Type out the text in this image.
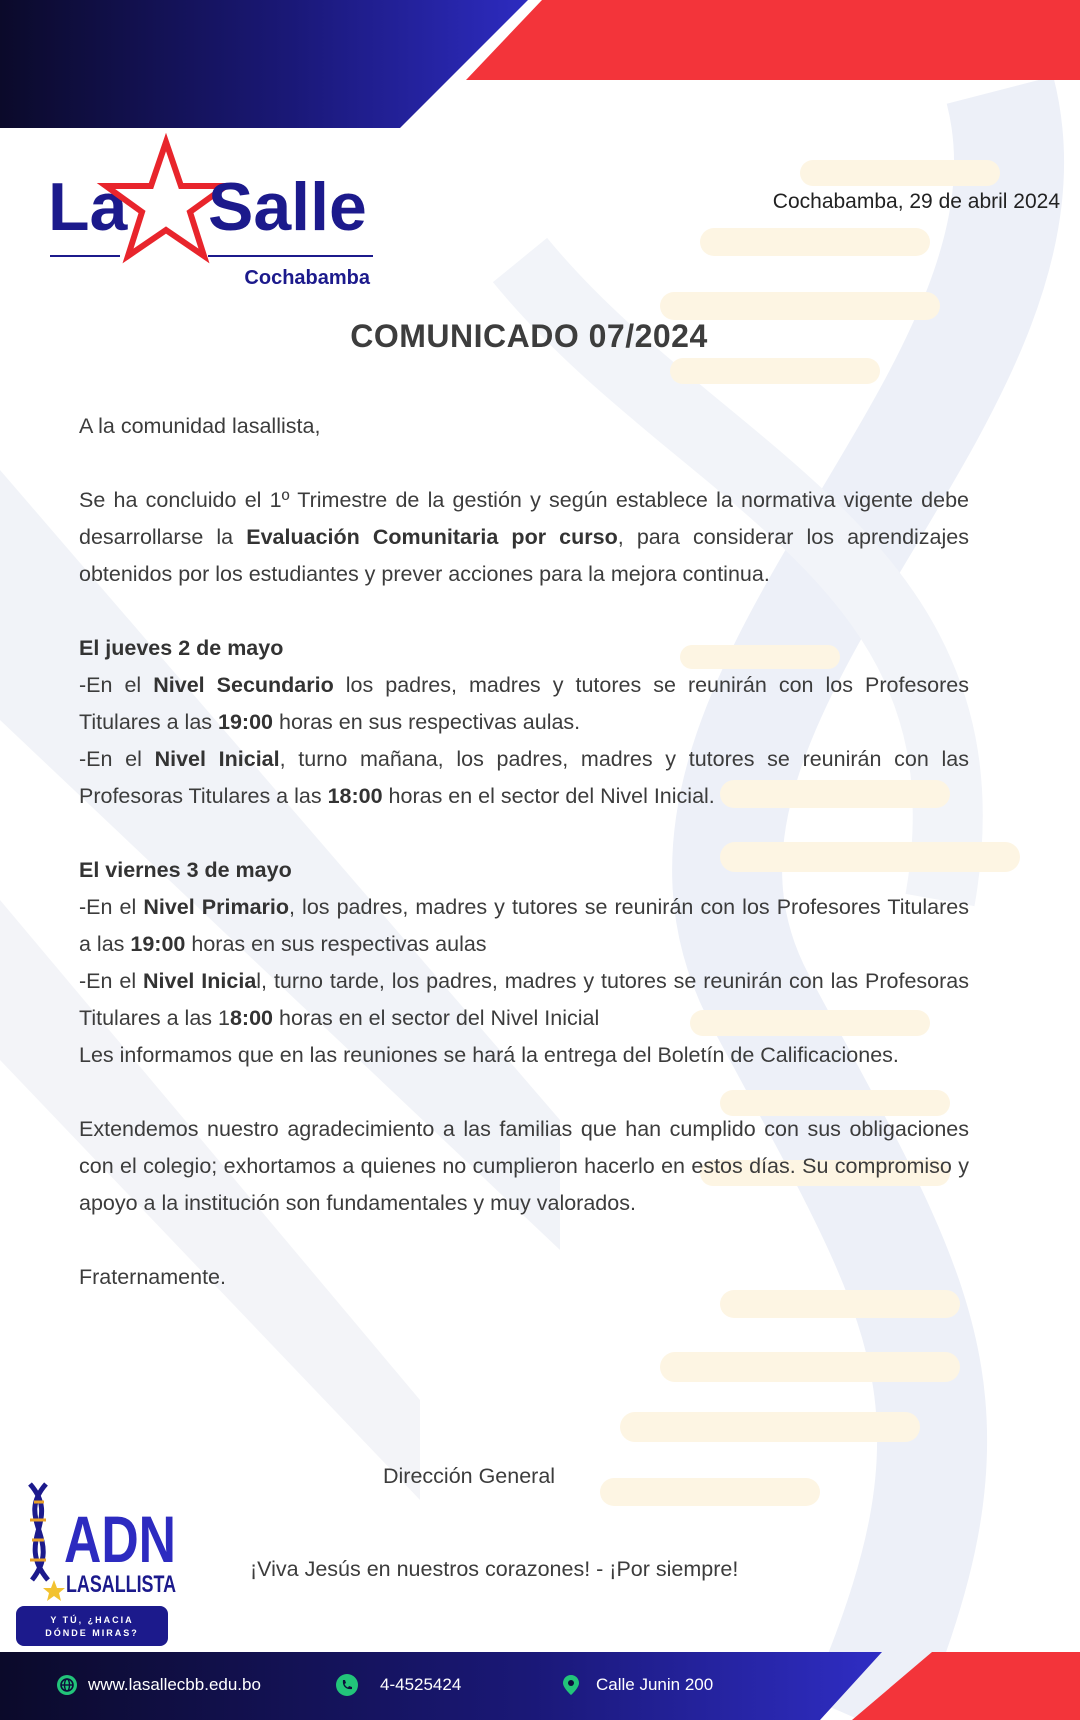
La Salle
Cochabamba
Cochabamba, 29 de abril 2024
COMUNICADO 07/2024

A la comunidad lasallista,

Se ha concluido el 1º Trimestre de la gestión y según establece la normativa vigente debe desarrollarse la Evaluación Comunitaria por curso, para considerar los aprendizajes obtenidos por los estudiantes y prever acciones para la mejora continua.

El jueves 2 de mayo

-En el Nivel Secundario los padres, madres y tutores se reunirán con los Profesores Titulares a las 19:00 horas en sus respectivas aulas.

-En el Nivel Inicial, turno mañana, los padres, madres y tutores se reunirán con las Profesoras Titulares a las 18:00 horas en el sector del Nivel Inicial.

El viernes 3 de mayo

-En el Nivel Primario, los padres, madres y tutores se reunirán con los Profesores Titulares a las 19:00 horas en sus respectivas aulas

-En el Nivel Inicial, turno tarde, los padres, madres y tutores se reunirán con las Profesoras Titulares a las 18:00 horas en el sector del Nivel Inicial

Les informamos que en las reuniones se hará la entrega del Boletín de Calificaciones.

Extendemos nuestro agradecimiento a las familias que han cumplido con sus obligaciones con el colegio; exhortamos a quienes no cumplieron hacerlo en estos días. Su compromiso y apoyo a la institución son fundamentales y muy valorados.

Fraternamente.

Dirección General
¡Viva Jesús en nuestros corazones! - ¡Por siempre!
ADN
LASALLISTA
Y TÚ, ¿HACIA
DÓNDE MIRAS?
www.lasallecbb.edu.bo	4-4525424	Calle Junin 200
